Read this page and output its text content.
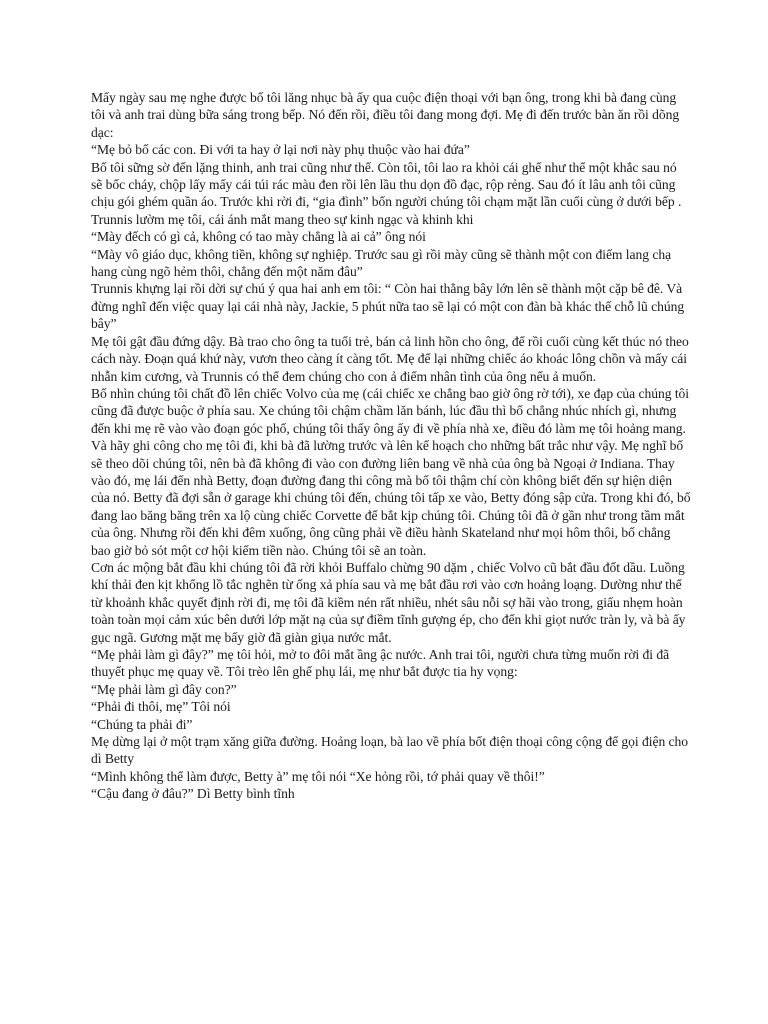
Mấy ngày sau mẹ nghe được bố tôi lăng nhục bà ấy qua cuộc điện thoại với bạn ông, trong khi bà đang cùng tôi và anh trai dùng bữa sáng trong bếp. Nó đến rồi, điều tôi đang mong đợi. Mẹ đi đến trước bàn ăn rồi dõng dạc:

“Mẹ bỏ bố các con. Đi với ta hay ở lại nơi này phụ thuộc vào hai đứa”

Bố tôi sững sờ đến lặng thinh, anh trai cũng như thế. Còn tôi, tôi lao ra khỏi cái ghế như thể một khắc sau nó sẽ bốc cháy, chộp lấy mấy cái túi rác màu đen rồi lên lầu thu dọn đồ đạc, rộp rẻng. Sau đó ít lâu anh tôi cũng chịu gói ghém quần áo. Trước khi rời đi, “gia đình” bốn người chúng tôi chạm mặt lần cuối cùng ở dưới bếp . Trunnis lườm mẹ tôi, cái ánh mắt mang theo sự kinh ngạc và khinh khi

“Mày đếch có gì cả, không có tao mày chẳng là ai cả” ông nói

“Mày vô giáo dục, không tiền, không sự nghiệp. Trước sau gì rồi mày cũng sẽ thành một con điếm lang chạ hang cùng ngõ hẻm thôi, chẳng đến một năm đâu”

Trunnis khựng lại rồi dời sự chú ý qua hai anh em tôi: “ Còn hai thằng bây lớn lên sẽ thành một cặp bê đê. Và đừng nghĩ đến việc quay lại cái nhà này, Jackie, 5 phút nữa tao sẽ lại có một con đàn bà khác thế chỗ lũ chúng bây”

Mẹ tôi gật đầu đứng dậy. Bà trao cho ông ta tuổi trẻ, bán cả linh hồn cho ông, để rồi cuối cùng kết thúc nó theo cách này. Đoạn quá khứ này, vươn theo càng ít càng tốt. Mẹ để lại những chiếc áo khoác lông chồn và mấy cái nhẫn kim cương, và Trunnis có thể đem chúng cho con ả điếm nhân tình của ông nếu ả muốn.

Bố nhìn chúng tôi chất đồ lên chiếc Volvo của mẹ (cái chiếc xe chẳng bao giờ ông rờ tới), xe đạp của chúng tôi cũng đã được buộc ở phía sau. Xe chúng tôi chậm chầm lăn bánh, lúc đầu thì bố chẳng nhúc nhích gì, nhưng đến khi mẹ rẽ vào vào đoạn góc phố, chúng tôi thấy ông ấy đi về phía nhà xe, điều đó làm mẹ tôi hoảng mang.

Và hãy ghi công cho mẹ tôi đi, khi bà đã lường trước và lên kế hoạch cho những bất trắc như vậy. Mẹ nghĩ bố sẽ theo dõi chúng tôi, nên bà đã không đi vào con đường liên bang về nhà của ông bà Ngoại ở Indiana. Thay vào đó, mẹ lái đến nhà Betty, đoạn đường đang thi công mà bố tôi thậm chí còn không biết đến sự hiện diện của nó. Betty đã đợi sẵn ở garage khi chúng tôi đến, chúng tôi tấp xe vào, Betty đóng sập cửa. Trong khi đó, bố đang lao băng băng trên xa lộ cùng chiếc Corvette để bắt kịp chúng tôi. Chúng tôi đã ở gần như trong tầm mắt của ông. Nhưng rồi đến khi đêm xuống, ông cũng phải về điều hành Skateland như mọi hôm thôi, bố chẳng bao giờ bỏ sót một cơ hội kiếm tiền nào. Chúng tôi sẽ an toàn.

Cơn ác mộng bắt đầu khi chúng tôi đã rời khỏi Buffalo chừng 90 dặm , chiếc Volvo cũ bắt đầu đốt dầu. Luồng khí thải đen kịt khổng lồ tắc nghẽn từ ống xả phía sau và mẹ bắt đầu rơi vào cơn hoảng loạng. Dường như thể từ khoảnh khắc quyết định rời đi, mẹ tôi đã kiềm nén rất nhiều, nhét sâu nỗi sợ hãi vào trong, giấu nhẹm hoàn toàn toàn mọi cảm xúc bên dưới lớp mặt nạ của sự điềm tĩnh gượng ép, cho đến khi giọt nước tràn ly, và bà ấy gục ngã. Gương mặt mẹ bấy giờ đã giàn giụa nước mắt.

“Mẹ phải làm gì đây?” mẹ tôi hỏi, mở to đôi mắt ầng ậc nước. Anh trai tôi, người chưa từng muốn rời đi đã thuyết phục mẹ quay về. Tôi trèo lên ghế phụ lái, mẹ như bắt được tia hy vọng:

“Mẹ phải làm gì đây con?”

“Phải đi thôi, mẹ” Tôi nói

“Chúng ta phải đi”

Mẹ dừng lại ở một trạm xăng giữa đường. Hoảng loạn, bà lao về phía bốt điện thoại công cộng để gọi điện cho dì Betty

“Mình không thể làm được, Betty à” mẹ tôi nói “Xe hỏng rồi, tớ phải quay về thôi!”

“Cậu đang ở đâu?” Dì Betty bình tĩnh
